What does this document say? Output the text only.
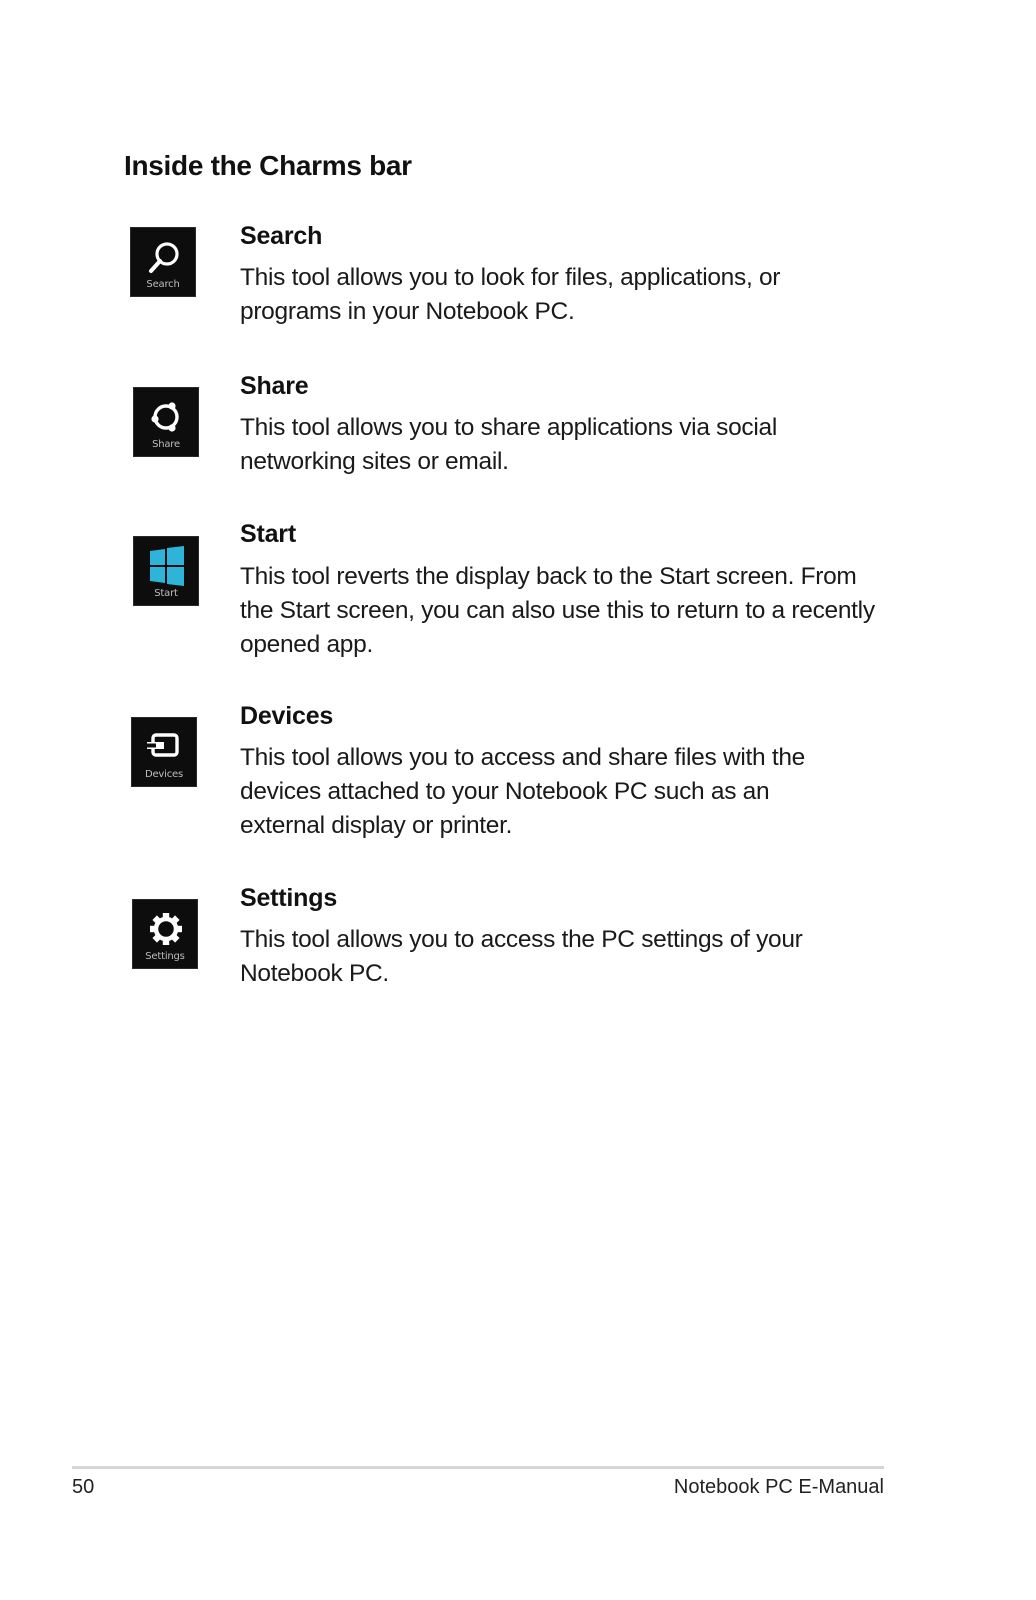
Inside the Charms bar
Search
Search

This tool allows you to look for files, applications, or programs in your Notebook PC.

Share
Share

This tool allows you to share applications via social networking sites or email.

Start
Start

This tool reverts the display back to the Start screen. From the Start screen, you can also use this to return to a recently opened app.

Devices
Devices

This tool allows you to access and share files with the devices attached to your Notebook PC such as an external display or printer.

Settings
Settings

This tool allows you to access the PC settings of your Notebook PC.

50	Notebook PC E-Manual
